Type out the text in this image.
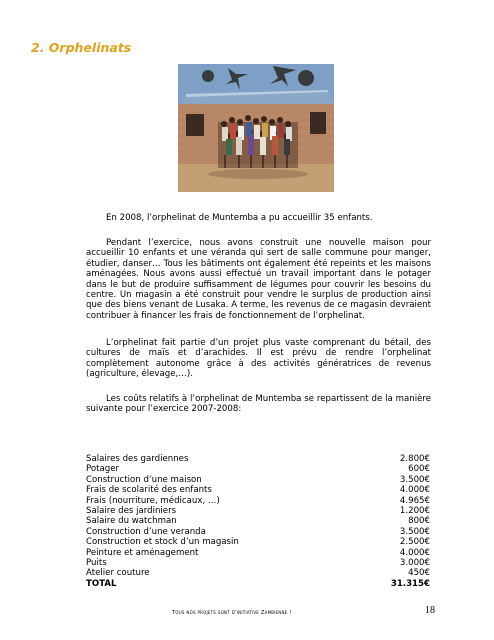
2. Orphelinats

En 2008, l’orphelinat de Muntemba a pu accueillir 35 enfants.

Pendant l’exercice, nous avons construit une nouvelle maison pour accueillir 10 enfants et une véranda qui sert de salle commune pour manger, étudier, danser… Tous les bâtiments ont également été repeints et les maisons aménagées. Nous avons aussi effectué un travail important dans le potager dans le but de produire suffisamment de légumes pour couvrir les besoins du centre. Un magasin a été construit pour vendre le surplus de production ainsi que des biens venant de Lusaka. A terme, les revenus de ce magasin devraient contribuer à financer les frais de fonctionnement de l’orphelinat.

L’orphelinat fait partie d’un projet plus vaste comprenant du bétail, des cultures de maïs et d’arachides. Il est prévu de rendre l’orphelinat complètement autonome grâce à des activités génératrices de revenus (agriculture, élevage,…).

Les coûts relatifs à l’orphelinat de Muntemba se repartissent de la manière suivante pour l’exercice 2007-2008:

Salaires des gardiennes	2.800€
Potager	600€
Construction d’une maison	3.500€
Frais de scolarité des enfants	4.000€
Frais (nourriture, médicaux, …)	4.965€
Salaire des jardiniers	1.200€
Salaire du watchman	800€
Construction d’une veranda	3.500€
Construction et stock d’un magasin	2.500€
Peinture et aménagement	4.000€
Puits	3.000€
Atelier couture	450€
TOTAL	31.315€
Tous nos projets sont d’initiative Zambienne !	18
